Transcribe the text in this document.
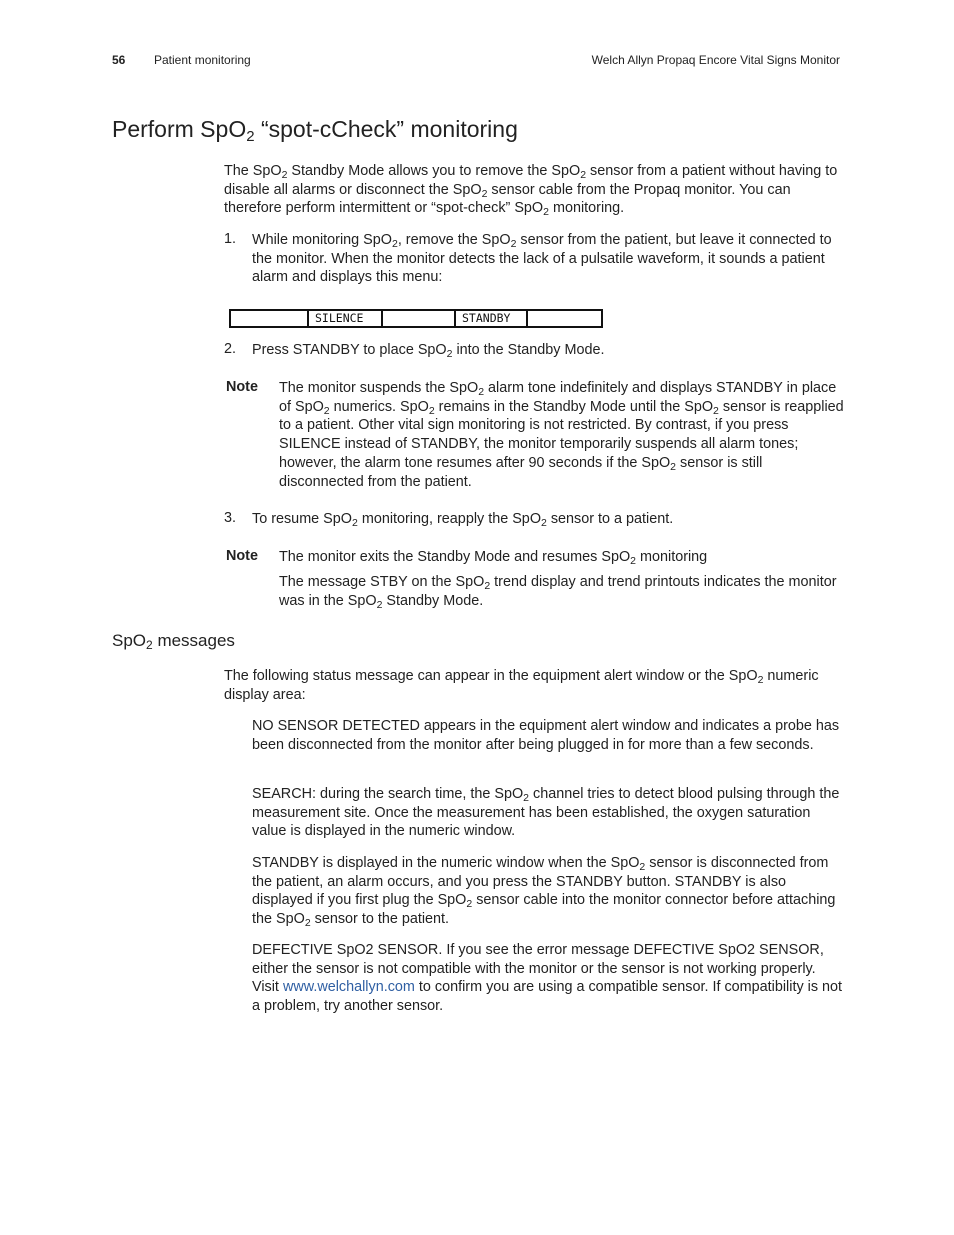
56 Patient monitoring	Welch Allyn Propaq Encore Vital Signs Monitor
Perform SpO$_2$ “spot-cCheck” monitoring
The SpO$_2$ Standby Mode allows you to remove the SpO$_2$ sensor from a patient without having to disable all alarms or disconnect the SpO$_2$ sensor cable from the Propaq monitor. You can therefore perform intermittent or “spot-check” SpO$_2$ monitoring.
1. While monitoring SpO$_2$, remove the SpO$_2$ sensor from the patient, but leave it connected to the monitor. When the monitor detects the lack of a pulsatile waveform, it sounds a patient alarm and displays this menu:
SILENCE	STANDBY
2. Press STANDBY to place SpO$_2$ into the Standby Mode.
Note The monitor suspends the SpO$_2$ alarm tone indefinitely and displays STANDBY in place of SpO$_2$ numerics. SpO$_2$ remains in the Standby Mode until the SpO$_2$ sensor is reapplied to a patient. Other vital sign monitoring is not restricted. By contrast, if you press SILENCE instead of STANDBY, the monitor temporarily suspends all alarm tones; however, the alarm tone resumes after 90 seconds if the SpO$_2$ sensor is still disconnected from the patient.
3. To resume SpO$_2$ monitoring, reapply the SpO$_2$ sensor to a patient.
Note The monitor exits the Standby Mode and resumes SpO$_2$ monitoring
The message STBY on the SpO$_2$ trend display and trend printouts indicates the monitor was in the SpO$_2$ Standby Mode.
SpO$_2$ messages
The following status message can appear in the equipment alert window or the SpO$_2$ numeric display area:
NO SENSOR DETECTED appears in the equipment alert window and indicates a probe has been disconnected from the monitor after being plugged in for more than a few seconds.
SEARCH: during the search time, the SpO$_2$ channel tries to detect blood pulsing through the measurement site. Once the measurement has been established, the oxygen saturation value is displayed in the numeric window.
STANDBY is displayed in the numeric window when the SpO$_2$ sensor is disconnected from the patient, an alarm occurs, and you press the STANDBY button. STANDBY is also displayed if you first plug the SpO$_2$ sensor cable into the monitor connector before attaching the SpO$_2$ sensor to the patient.
DEFECTIVE SpO2 SENSOR. If you see the error message DEFECTIVE SpO2 SENSOR, either the sensor is not compatible with the monitor or the sensor is not working properly. Visit www.welchallyn.com to confirm you are using a compatible sensor. If compatibility is not a problem, try another sensor.
